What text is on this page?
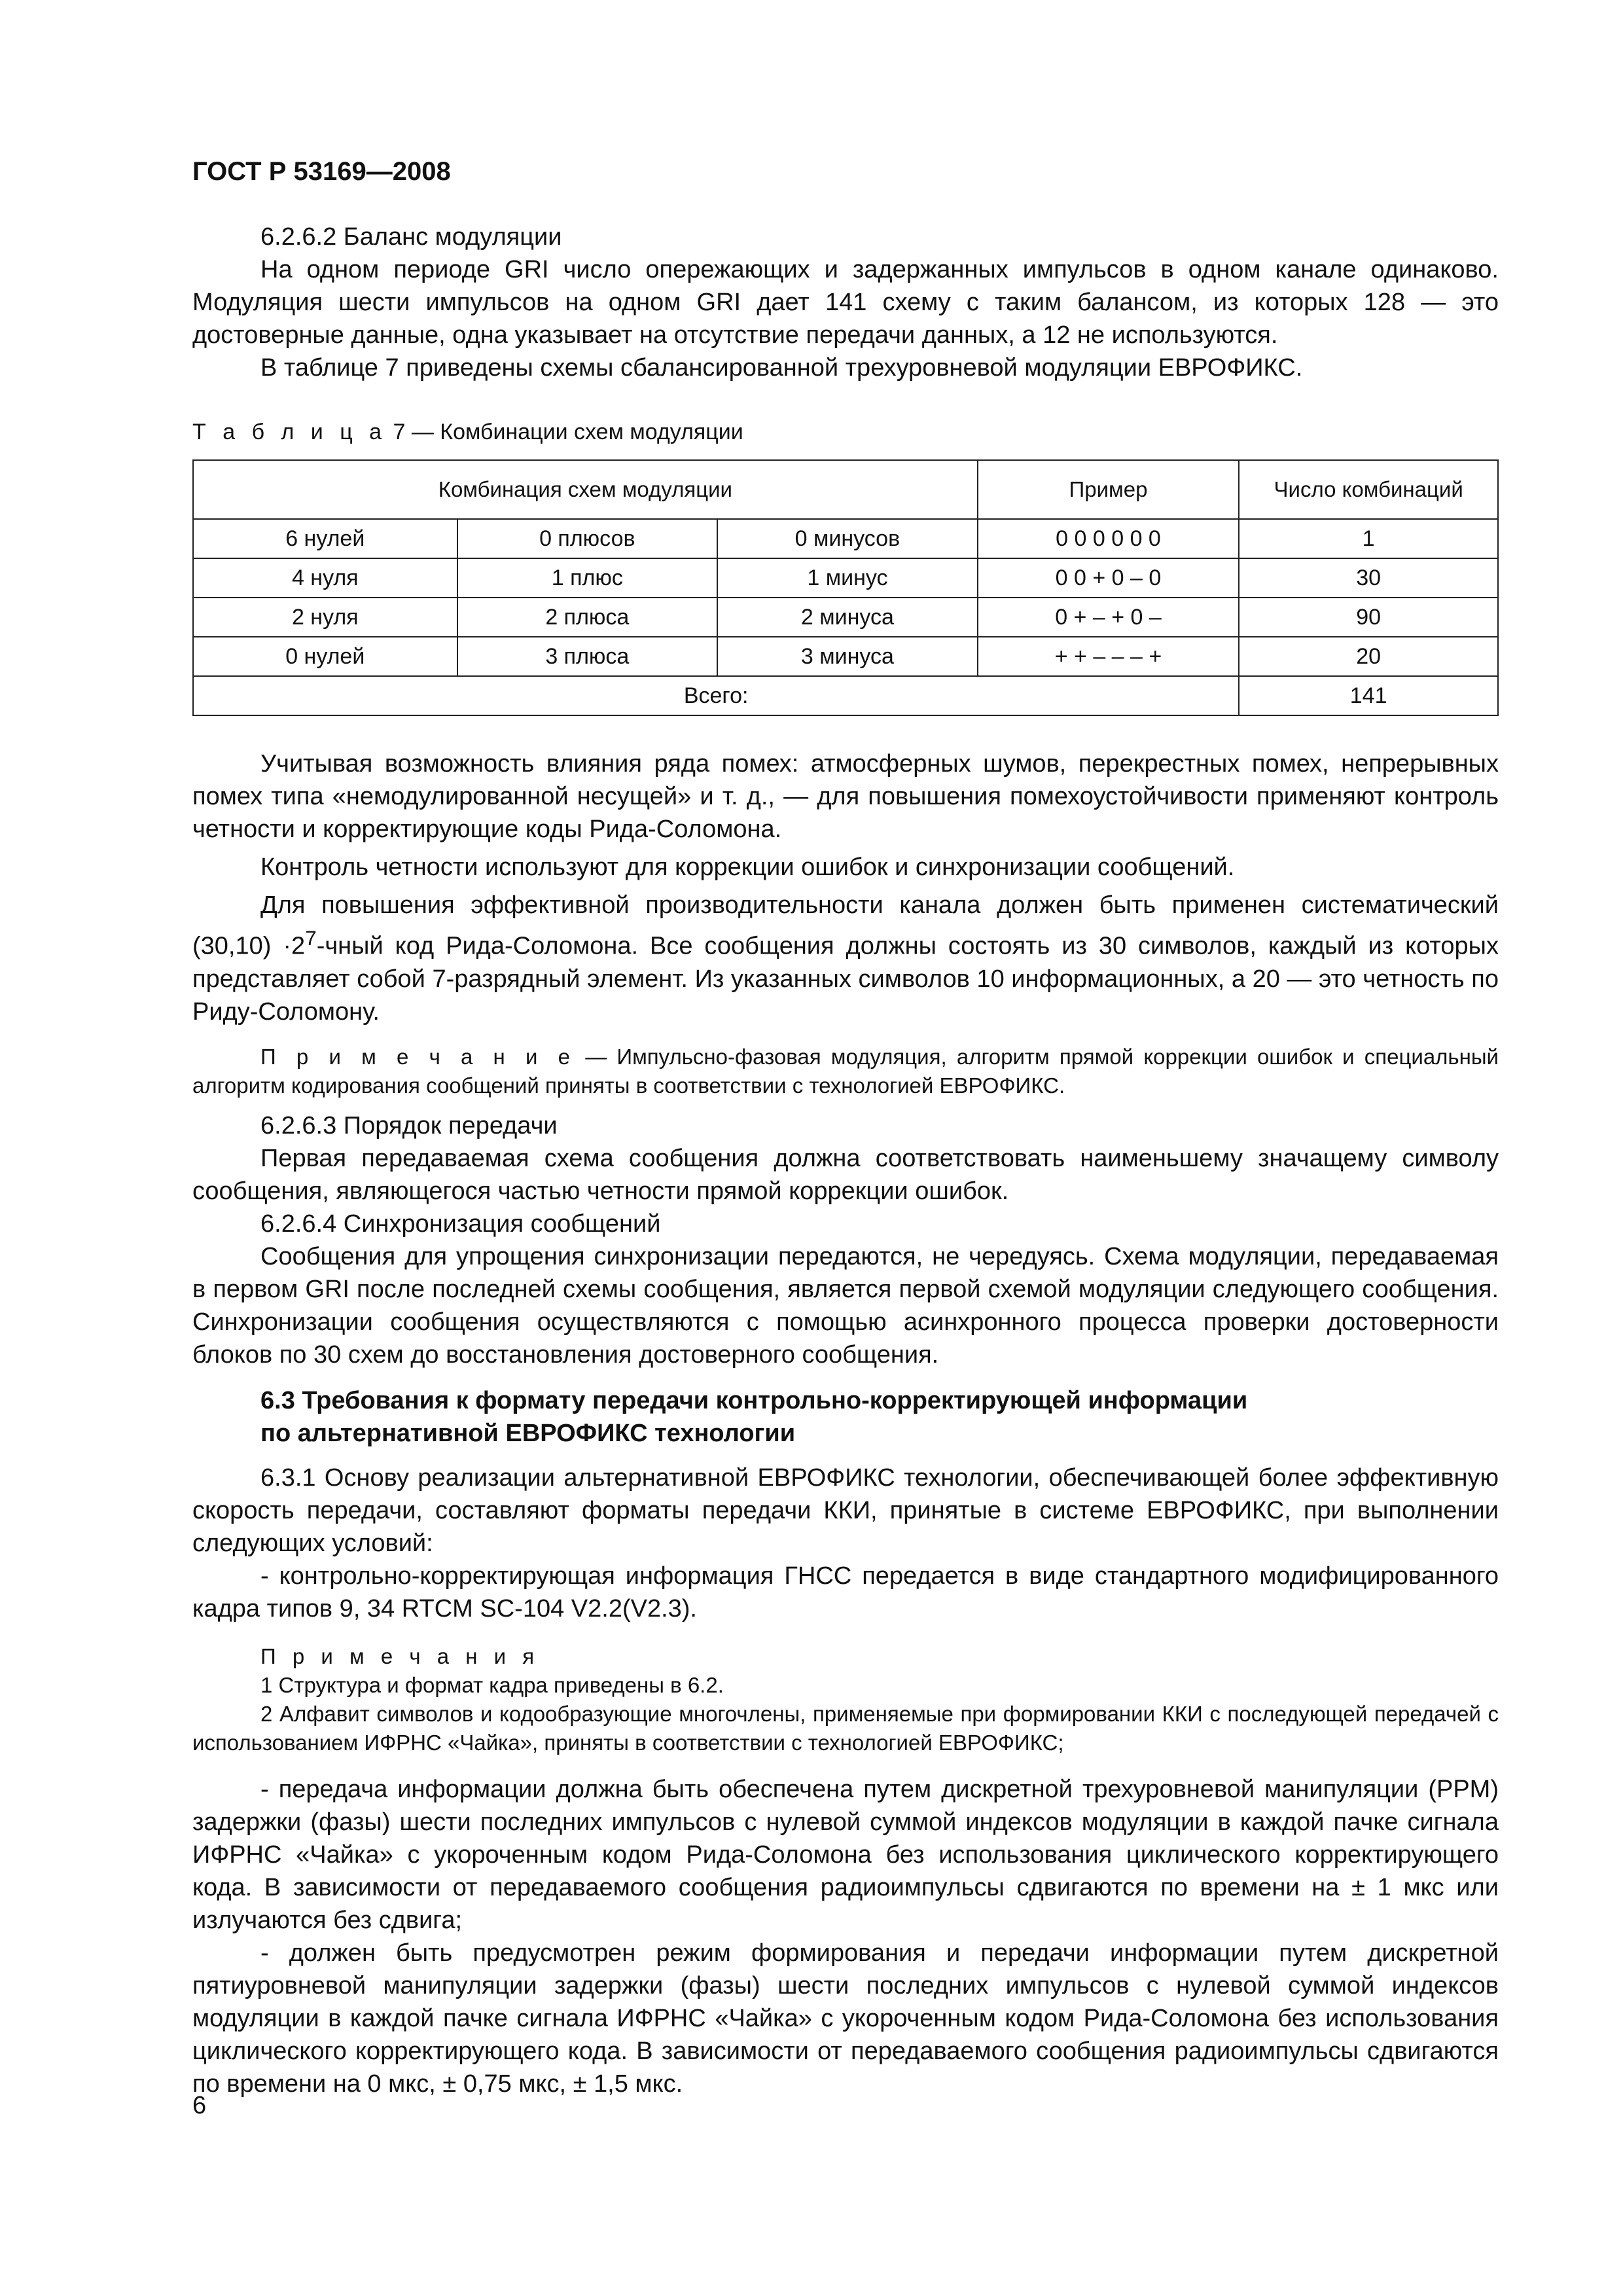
ГОСТ Р 53169—2008

6.2.6.2 Баланс модуляции

На одном периоде GRI число опережающих и задержанных импульсов в одном канале одинаково. Модуляция шести импульсов на одном GRI дает 141 схему с таким балансом, из которых 128 — это достоверные данные, одна указывает на отсутствие передачи данных, а 12 не используются.

В таблице 7 приведены схемы сбалансированной трехуровневой модуляции ЕВРОФИКС.

Т а б л и ц а 7 — Комбинации схем модуляции
Комбинация схем модуляции			Пример	Число комбинаций
6 нулей	0 плюсов	0 минусов	0 0 0 0 0 0	1
4 нуля	1 плюс	1 минус	0 0 + 0 – 0	30
2 нуля	2 плюса	2 минуса	0 + – + 0 –	90
0 нулей	3 плюса	3 минуса	+ + – – – +	20
Всего:				141

Учитывая возможность влияния ряда помех: атмосферных шумов, перекрестных помех, непрерывных помех типа «немодулированной несущей» и т. д., — для повышения помехоустойчивости применяют контроль четности и корректирующие коды Рида-Соломона.

Контроль четности используют для коррекции ошибок и синхронизации сообщений.

Для повышения эффективной производительности канала должен быть применен систематический $(30,10) \cdot 2^7$-чный код Рида-Соломона. Все сообщения должны состоять из 30 символов, каждый из которых представляет собой 7-разрядный элемент. Из указанных символов 10 информационных, а 20 — это четность по Риду-Соломону.

П р и м е ч а н и е — Импульсно-фазовая модуляция, алгоритм прямой коррекции ошибок и специальный алгоритм кодирования сообщений приняты в соответствии с технологией ЕВРОФИКС.

6.2.6.3 Порядок передачи

Первая передаваемая схема сообщения должна соответствовать наименьшему значащему символу сообщения, являющегося частью четности прямой коррекции ошибок.

6.2.6.4 Синхронизация сообщений

Сообщения для упрощения синхронизации передаются, не чередуясь. Схема модуляции, передаваемая в первом GRI после последней схемы сообщения, является первой схемой модуляции следующего сообщения. Синхронизации сообщения осуществляются с помощью асинхронного процесса проверки достоверности блоков по 30 схем до восстановления достоверного сообщения.

6.3 Требования к формату передачи контрольно-корректирующей информации
по альтернативной ЕВРОФИКС технологии

6.3.1 Основу реализации альтернативной ЕВРОФИКС технологии, обеспечивающей более эффективную скорость передачи, составляют форматы передачи ККИ, принятые в системе ЕВРОФИКС, при выполнении следующих условий:

- контрольно-корректирующая информация ГНСС передается в виде стандартного модифицированного кадра типов 9, 34 RTCM SC-104 V2.2(V2.3).

П р и м е ч а н и я

1 Структура и формат кадра приведены в 6.2.

2 Алфавит символов и кодообразующие многочлены, применяемые при формировании ККИ с последующей передачей с использованием ИФРНС «Чайка», приняты в соответствии с технологией ЕВРОФИКС;

- передача информации должна быть обеспечена путем дискретной трехуровневой манипуляции (PPM) задержки (фазы) шести последних импульсов с нулевой суммой индексов модуляции в каждой пачке сигнала ИФРНС «Чайка» с укороченным кодом Рида-Соломона без использования циклического корректирующего кода. В зависимости от передаваемого сообщения радиоимпульсы сдвигаются по времени на ± 1 мкс или излучаются без сдвига;

- должен быть предусмотрен режим формирования и передачи информации путем дискретной пятиуровневой манипуляции задержки (фазы) шести последних импульсов с нулевой суммой индексов модуляции в каждой пачке сигнала ИФРНС «Чайка» с укороченным кодом Рида-Соломона без использования циклического корректирующего кода. В зависимости от передаваемого сообщения радиоимпульсы сдвигаются по времени на 0 мкс, ± 0,75 мкс, ± 1,5 мкс.

6
